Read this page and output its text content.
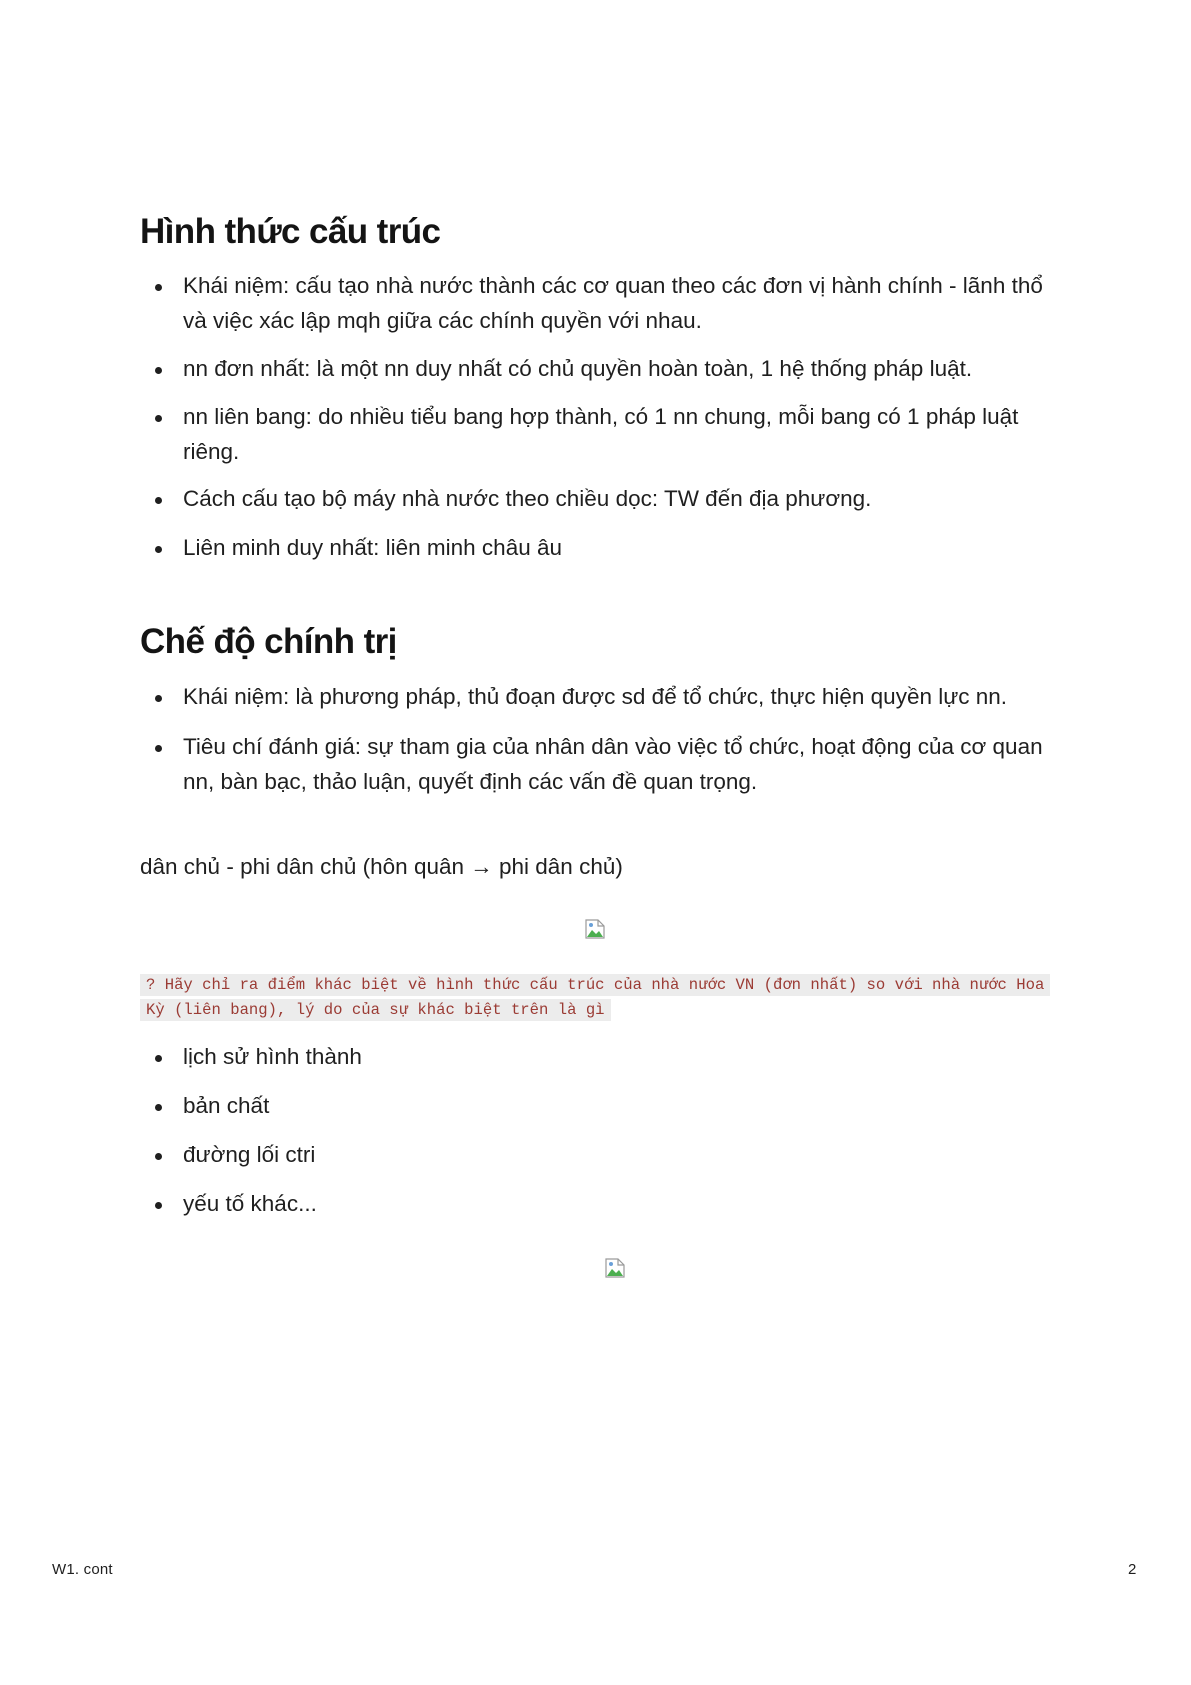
Hình thức cấu trúc
Khái niệm: cấu tạo nhà nước thành các cơ quan theo các đơn vị hành chính - lãnh thổ và việc xác lập mqh giữa các chính quyền với nhau.
nn đơn nhất: là một nn duy nhất có chủ quyền hoàn toàn, 1 hệ thống pháp luật.
nn liên bang: do nhiều tiểu bang hợp thành, có 1 nn chung, mỗi bang có 1 pháp luật riêng.
Cách cấu tạo bộ máy nhà nước theo chiều dọc: TW đến địa phương.
Liên minh duy nhất: liên minh châu âu
Chế độ chính trị
Khái niệm: là phương pháp, thủ đoạn được sd để tổ chức, thực hiện quyền lực nn.
Tiêu chí đánh giá: sự tham gia của nhân dân vào việc tổ chức, hoạt động của cơ quan nn, bàn bạc, thảo luận, quyết định các vấn đề quan trọng.

dân chủ - phi dân chủ (hôn quân → phi dân chủ)

? Hãy chỉ ra điểm khác biệt về hình thức cấu trúc của nhà nước VN (đơn nhất) so với nhà nước Hoa Kỳ (liên bang), lý do của sự khác biệt trên là gì

lịch sử hình thành
bản chất
đường lối ctri
yếu tố khác...
W1. cont	2
